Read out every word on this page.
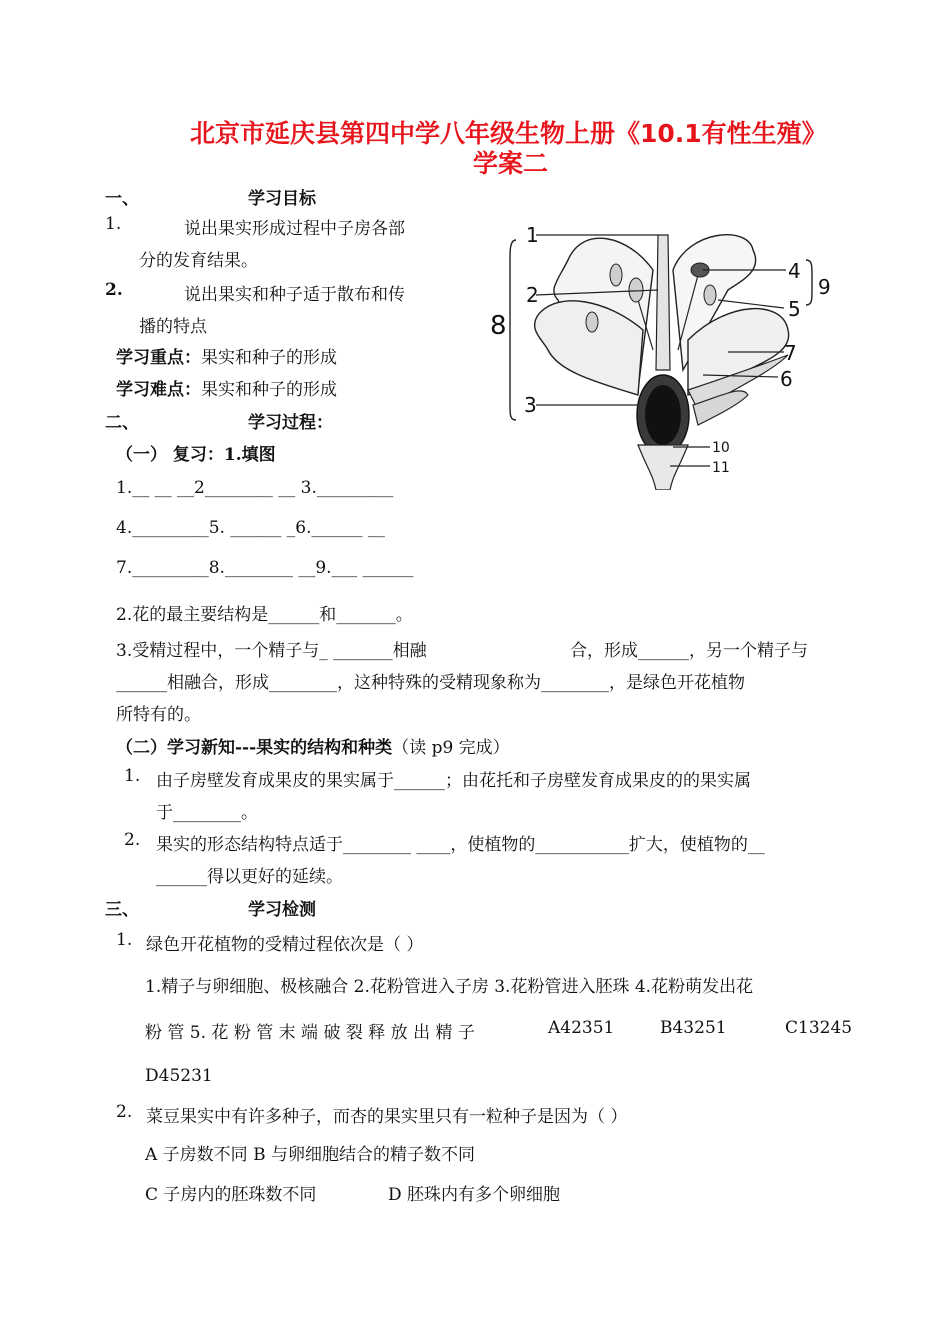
北京市延庆县第四中学八年级生物上册《10.1有性生殖》
学案二
一、	学习目标
1.	说出果实形成过程中子房各部
分的发育结果。
2.	说出果实和种子适于散布和传
播的特点
学习重点：果实和种子的形成
学习难点：果实和种子的形成
二、	学习过程：
（一） 复习：1.填图
1.__ __ __2________ __ 3._________
4._________5. ______ _6.______ __
7._________8.________ __9.___ ______
2.花的最主要结构是______和_______。
3.受精过程中，一个精子与_ _______相融	合，形成______，另一个精子与
______相融合，形成________，这种特殊的受精现象称为________，是绿色开花植物
所特有的。
（二）学习新知---果实的结构和种类（读 p9 完成）
1. 由子房壁发育成果皮的果实属于______；由花托和子房壁发育成果皮的的果实属
于________。
2. 果实的形态结构特点适于________ ____，使植物的___________扩大，使植物的__
______得以更好的延续。
三、	学习检测
1. 绿色开花植物的受精过程依次是（ ）
1.精子与卵细胞、极核融合 2.花粉管进入子房 3.花粉管进入胚珠 4.花粉萌发出花
粉 管 5. 花 粉 管 末 端 破 裂 释 放 出 精 子	A42351	B43251	C13245
D45231
2. 菜豆果实中有许多种子，而杏的果实里只有一粒种子是因为（ ）
A 子房数不同 B 与卵细胞结合的精子数不同
C 子房内的胚珠数不同	D 胚珠内有多个卵细胞
1
2
3
4
5
6
7
8
9
10
11
